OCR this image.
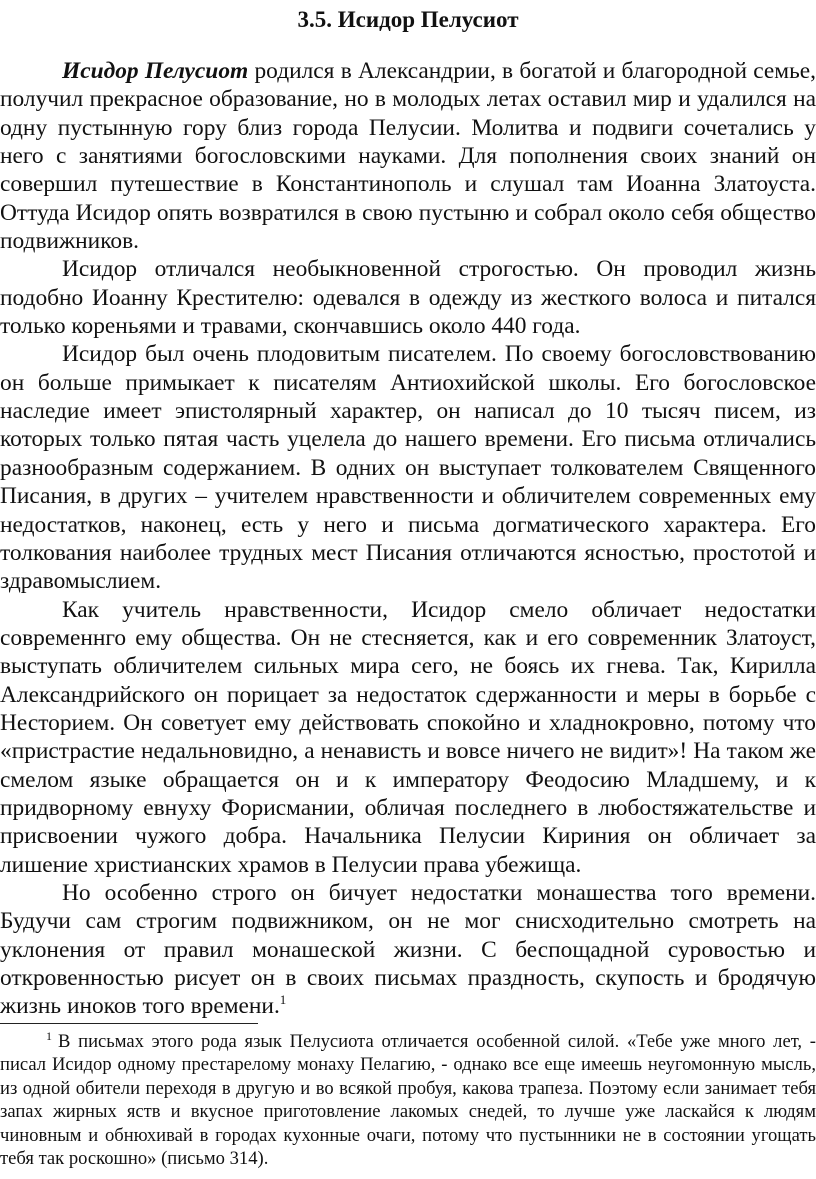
3.5. Исидор Пелусиот

Исидор Пелусиот родился в Александрии, в богатой и благородной семье, получил прекрасное образование, но в молодых летах оставил мир и удалился на одну пустынную гору близ города Пелусии. Молитва и подвиги сочетались у него с занятиями богословскими науками. Для пополнения своих знаний он совершил путешествие в Константинополь и слушал там Иоанна Златоуста. Оттуда Исидор опять возвратился в свою пустыню и собрал около себя общество подвижников.

Исидор отличался необыкновенной строгостью. Он проводил жизнь подобно Иоанну Крестителю: одевался в одежду из жесткого волоса и питался только кореньями и травами, скончавшись около 440 года.

Исидор был очень плодовитым писателем. По своему богословствованию он больше примыкает к писателям Антиохийской школы. Его богословское наследие имеет эпистолярный характер, он написал до 10 тысяч писем, из которых только пятая часть уцелела до нашего времени. Его письма отличались разнообразным содержанием. В одних он выступает толкователем Священного Писания, в других – учителем нравственности и обличителем современных ему недостатков, наконец, есть у него и письма догматического характера. Его толкования наиболее трудных мест Писания отличаются ясностью, простотой и здравомыслием.

Как учитель нравственности, Исидор смело обличает недостатки современнго ему общества. Он не стесняется, как и его современник Златоуст, выступать обличителем сильных мира сего, не боясь их гнева. Так, Кирилла Александрийского он порицает за недостаток сдержанности и меры в борьбе с Несторием. Он советует ему действовать спокойно и хладнокровно, потому что «пристрастие недальновидно, а ненависть и вовсе ничего не видит»! На таком же смелом языке обращается он и к императору Феодосию Младшему, и к придворному евнуху Форисмании, обличая последнего в любостяжательстве и присвоении чужого добра. Начальника Пелусии Кириния он обличает за лишение христианских храмов в Пелусии права убежища.

Но особенно строго он бичует недостатки монашества того времени. Будучи сам строгим подвижником, он не мог снисходительно смотреть на уклонения от правил монашеской жизни. С беспощадной суровостью и откровенностью рисует он в своих письмах праздность, скупость и бродячую жизнь иноков того времени.$^1$

$^1$ В письмах этого рода язык Пелусиота отличается особенной силой. «Тебе уже много лет, - писал Исидор одному престарелому монаху Пелагию, - однако все еще имеешь неугомонную мысль, из одной обители переходя в другую и во всякой пробуя, какова трапеза. Поэтому если занимает тебя запах жирных яств и вкусное приготовление лакомых снедей, то лучше уже ласкайся к людям чиновным и обнюхивай в городах кухонные очаги, потому что пустынники не в состоянии угощать тебя так роскошно» (письмо 314).
